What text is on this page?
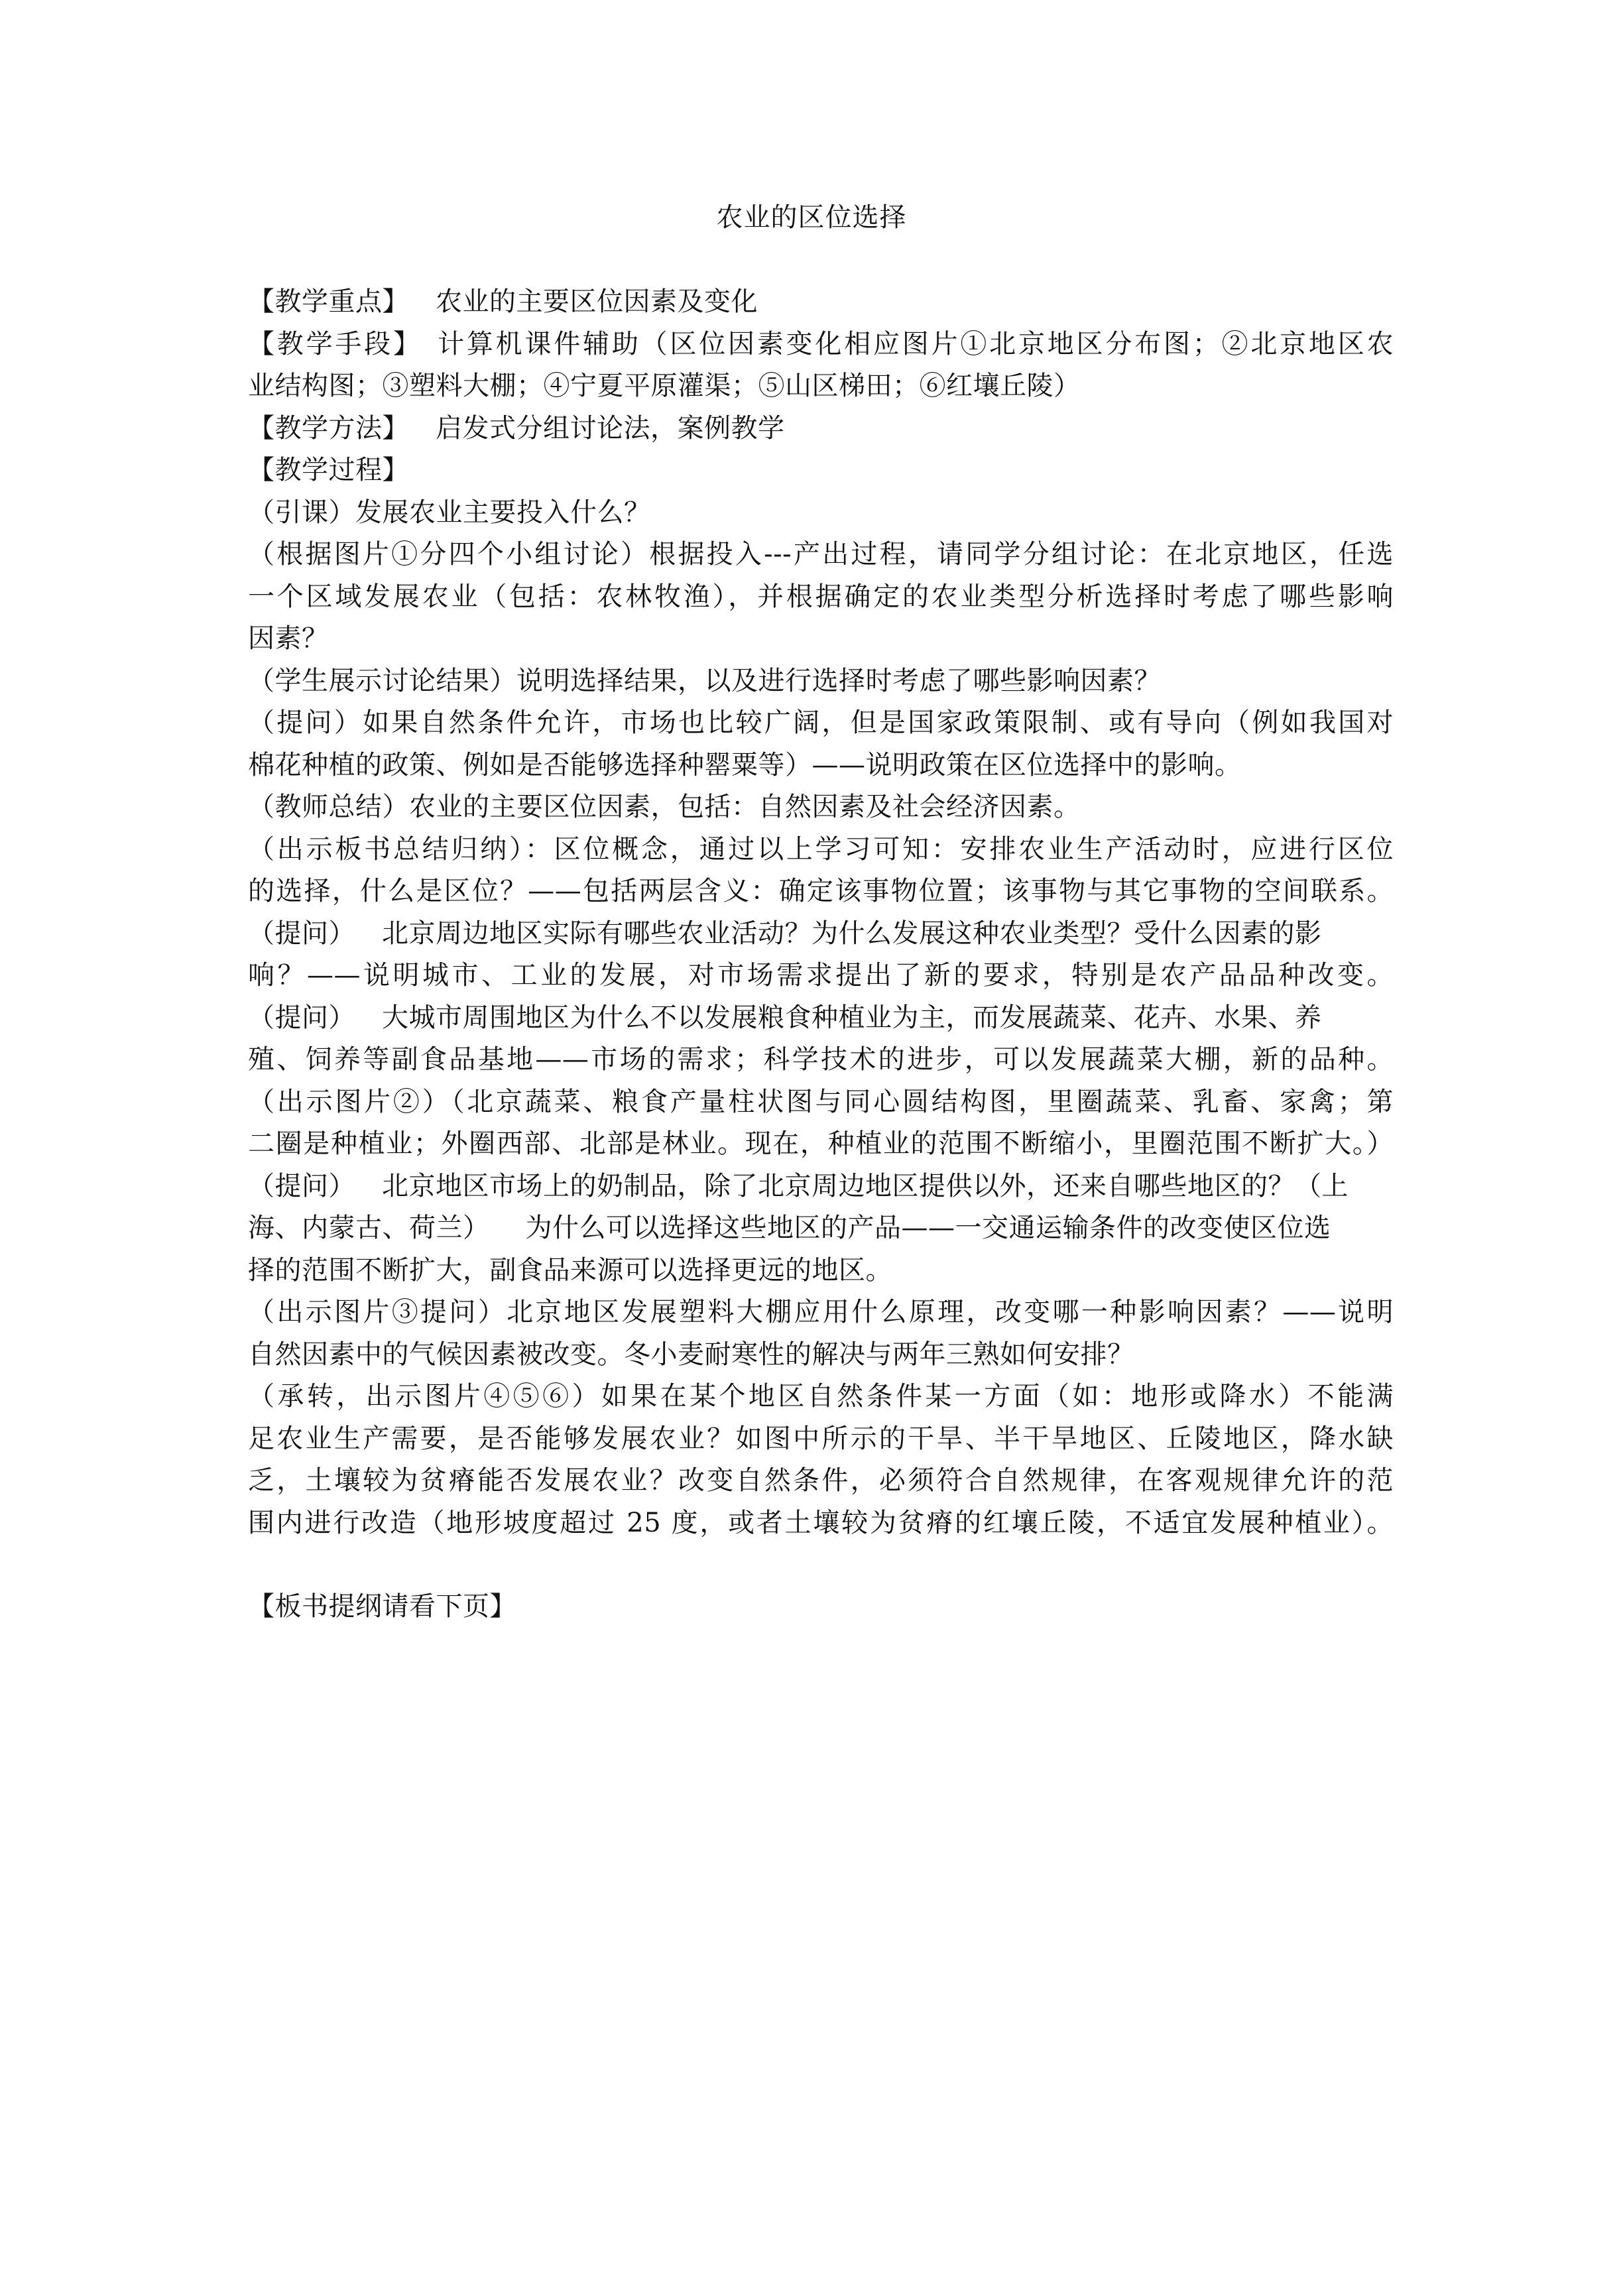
农业的区位选择
【教学重点】 农业的主要区位因素及变化
【教学手段】 计算机课件辅助（区位因素变化相应图片①北京地区分布图；②北京地区农
业结构图；③塑料大棚；④宁夏平原灌渠；⑤山区梯田；⑥红壤丘陵）
【教学方法】 启发式分组讨论法，案例教学
【教学过程】
（引课）发展农业主要投入什么？
（根据图片①分四个小组讨论）根据投入---产出过程，请同学分组讨论：在北京地区，任选
一个区域发展农业（包括：农林牧渔），并根据确定的农业类型分析选择时考虑了哪些影响
因素？
（学生展示讨论结果）说明选择结果，以及进行选择时考虑了哪些影响因素？
（提问）如果自然条件允许，市场也比较广阔，但是国家政策限制、或有导向（例如我国对
棉花种植的政策、例如是否能够选择种罂粟等）——说明政策在区位选择中的影响。
（教师总结）农业的主要区位因素，包括：自然因素及社会经济因素。
（出示板书总结归纳）：区位概念，通过以上学习可知：安排农业生产活动时，应进行区位
的选择，什么是区位？——包括两层含义：确定该事物位置；该事物与其它事物的空间联系。
（提问） 北京周边地区实际有哪些农业活动？为什么发展这种农业类型？受什么因素的影
响？——说明城市、工业的发展，对市场需求提出了新的要求，特别是农产品品种改变。
（提问） 大城市周围地区为什么不以发展粮食种植业为主，而发展蔬菜、花卉、水果、养
殖、饲养等副食品基地——市场的需求；科学技术的进步，可以发展蔬菜大棚，新的品种。
（出示图片②）（北京蔬菜、粮食产量柱状图与同心圆结构图，里圈蔬菜、乳畜、家禽；第
二圈是种植业；外圈西部、北部是林业。现在，种植业的范围不断缩小，里圈范围不断扩大。）
（提问） 北京地区市场上的奶制品，除了北京周边地区提供以外，还来自哪些地区的？（上
海、内蒙古、荷兰） 为什么可以选择这些地区的产品——一交通运输条件的改变使区位选
择的范围不断扩大，副食品来源可以选择更远的地区。
（出示图片③提问）北京地区发展塑料大棚应用什么原理，改变哪一种影响因素？——说明
自然因素中的气候因素被改变。冬小麦耐寒性的解决与两年三熟如何安排？
（承转，出示图片④⑤⑥）如果在某个地区自然条件某一方面（如：地形或降水）不能满
足农业生产需要，是否能够发展农业？如图中所示的干旱、半干旱地区、丘陵地区，降水缺
乏，土壤较为贫瘠能否发展农业？改变自然条件，必须符合自然规律，在客观规律允许的范
围内进行改造（地形坡度超过 25 度，或者土壤较为贫瘠的红壤丘陵，不适宜发展种植业）。
【板书提纲请看下页】
